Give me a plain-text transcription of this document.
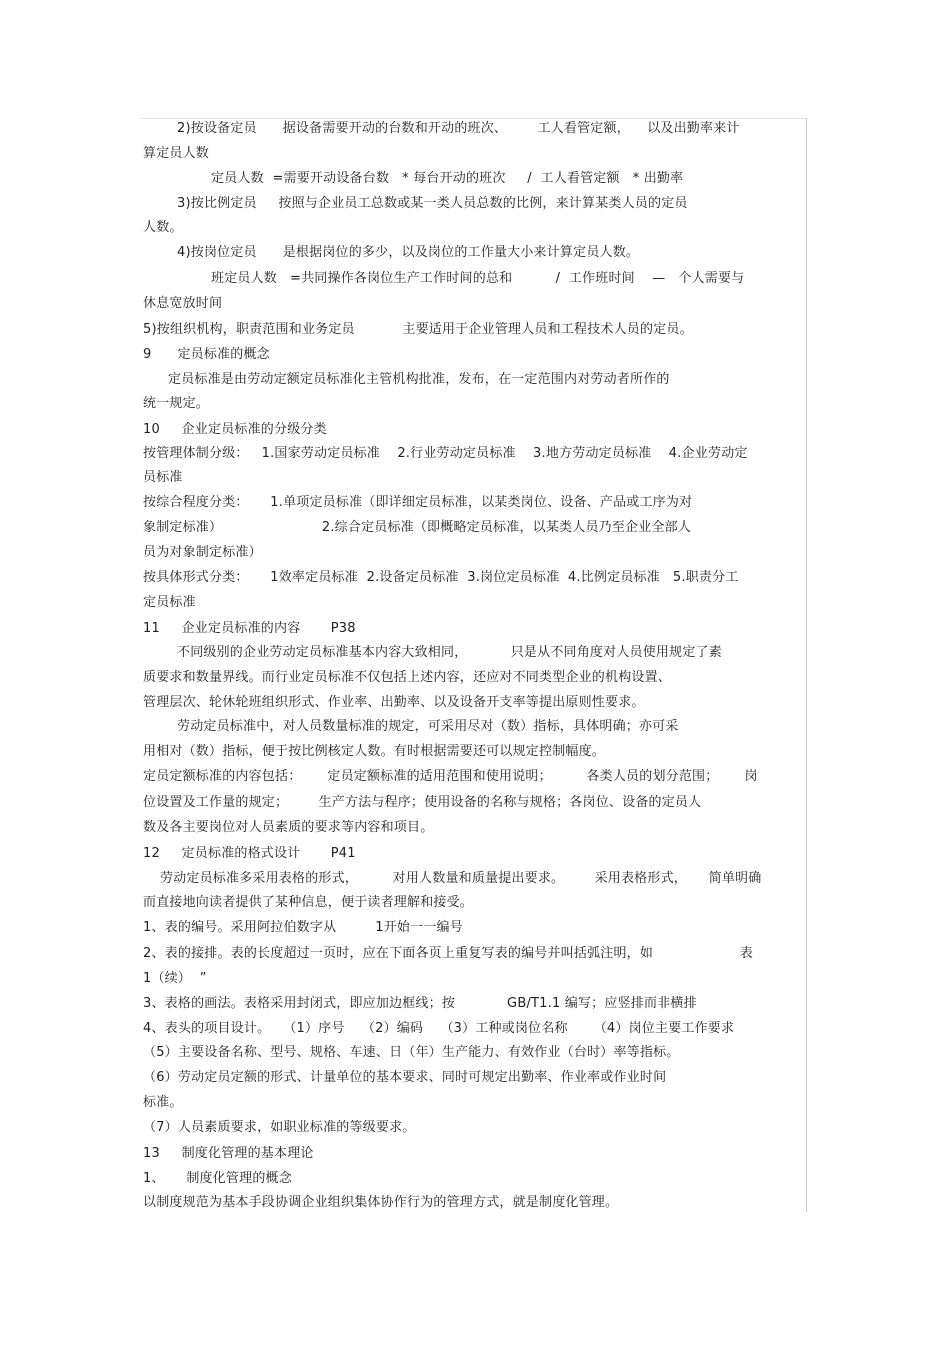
2)按设备定员      据设备需要开动的台数和开动的班次、       工人看管定额，    以及出勤率来计
算定员人数
定员人数  =需要开动设备台数   * 每台开动的班次     /  工人看管定额   * 出勤率
3)按比例定员     按照与企业员工总数或某一类人员总数的比例，来计算某类人员的定员
人数。
4)按岗位定员      是根据岗位的多少，以及岗位的工作量大小来计算定员人数。
班定员人数   =共同操作各岗位生产工作时间的总和          /  工作班时间    —   个人需要与
休息宽放时间
5)按组织机构，职责范围和业务定员           主要适用于企业管理人员和工程技术人员的定员。
9      定员标准的概念
定员标准是由劳动定额定员标准化主管机构批准，发布，在一定范围内对劳动者所作的
统一规定。
10     企业定员标准的分级分类
按管理体制分级：   1.国家劳动定员标准    2.行业劳动定员标准    3.地方劳动定员标准    4.企业劳动定
员标准
按综合程度分类：     1.单项定员标准（即详细定员标准，以某类岗位、设备、产品或工序为对
象制定标准）                       2.综合定员标准（即概略定员标准，以某类人员乃至企业全部人
员为对象制定标准）
按具体形式分类：     1效率定员标准  2.设备定员标准  3.岗位定员标准  4.比例定员标准   5.职责分工
定员标准
11     企业定员标准的内容       P38
不同级别的企业劳动定员标准基本内容大致相同，          只是从不同角度对人员使用规定了素
质要求和数量界线。而行业定员标准不仅包括上述内容，还应对不同类型企业的机构设置、
管理层次、轮休轮班组织形式、作业率、出勤率、以及设备开支率等提出原则性要求。
劳动定员标准中，对人员数量标准的规定，可采用尽对（数）指标，具体明确；亦可采
用相对（数）指标，便于按比例核定人数。有时根据需要还可以规定控制幅度。
定员定额标准的内容包括：      定员定额标准的适用范围和使用说明；        各类人员的划分范围；      岗
位设置及工作量的规定；       生产方法与程序；使用设备的名称与规格；各岗位、设备的定员人
数及各主要岗位对人员素质的要求等内容和项目。
12     定员标准的格式设计       P41
劳动定员标准多采用表格的形式，        对用人数量和质量提出要求。       采用表格形式，     简单明确
而直接地向读者提供了某种信息，便于读者理解和接受。
1、表的编号。采用阿拉伯数字从         1开始一一编号
2、表的接排。表的长度超过一页时，应在下面各页上重复写表的编号并叫括弧注明，如                    表
1（续）  ”
3、表格的画法。表格采用封闭式，即应加边框线；按            GB/T1.1 编写；应竖排而非横排
4、表头的项目设计。   （1）序号    （2）编码    （3）工种或岗位名称      （4）岗位主要工作要求
（5）主要设备名称、型号、规格、车速、日（年）生产能力、有效作业（台时）率等指标。
（6）劳动定员定额的形式、计量单位的基本要求、同时可规定出勤率、作业率或作业时间
标准。
（7）人员素质要求，如职业标准的等级要求。
13     制度化管理的基本理论
1、     制度化管理的概念
以制度规范为基本手段协调企业组织集体协作行为的管理方式，就是制度化管理。
